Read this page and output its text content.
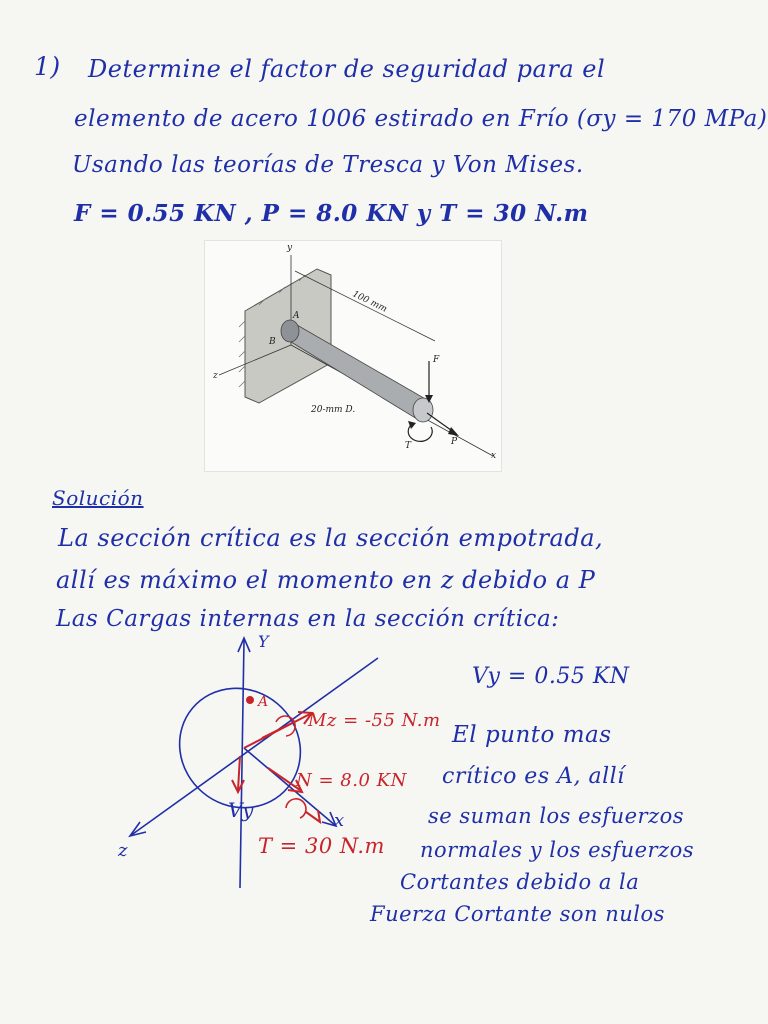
1) Determine el factor de seguridad para el
elemento de acero 1006 estirado en Frío (σy = 170 MPa)
Usando las teorías de Tresca y Von Mises.
F = 0.55 KN , P = 8.0 KN y T = 30 N.m
y
z
x
A
B
100 mm
20-mm D.
F
P
T
Solución
La sección crítica es la sección empotrada,
allí es máximo el momento en z debido a P
Las Cargas internas en la sección crítica:
Y
z
x
A
Mz = -55 N.m
N = 8.0 KN
Vy
T = 30 N.m
Vy = 0.55 KN
El punto mas
crítico es A, allí
se suman los esfuerzos
normales y los esfuerzos
Cortantes debido a la
Fuerza Cortante son nulos
